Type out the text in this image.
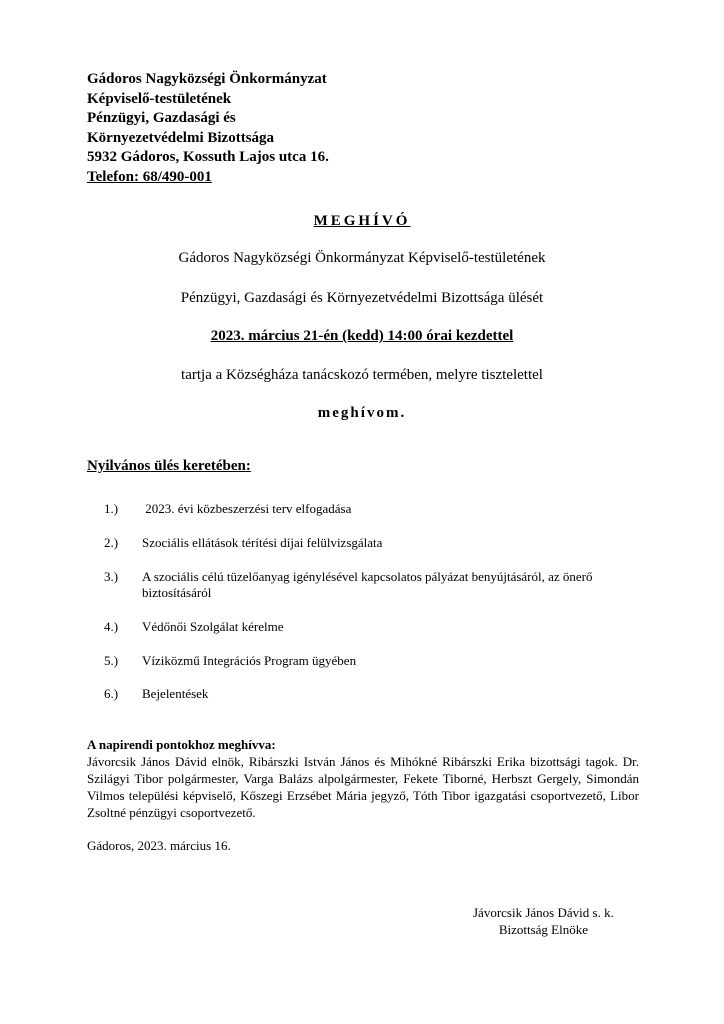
Gádoros Nagyközségi Önkormányzat
Képviselő-testületének
Pénzügyi, Gazdasági és
Környezetvédelmi Bizottsága
5932 Gádoros, Kossuth Lajos utca 16.
Telefon: 68/490-001
MEGHÍVÓ
Gádoros Nagyközségi Önkormányzat Képviselő-testületének
Pénzügyi, Gazdasági és Környezetvédelmi Bizottsága ülését
2023. március 21-én (kedd) 14:00 órai kezdettel
tartja a Községháza tanácskozó termében, melyre tisztelettel
meghívom.
Nyilvános ülés keretében:
1.) 2023. évi közbeszerzési terv elfogadása
2.) Szociális ellátások térítési díjai felülvizsgálata
3.) A szociális célú tüzelőanyag igénylésével kapcsolatos pályázat benyújtásáról, az önerő biztosításáról
4.) Védőnői Szolgálat kérelme
5.) Víziközmű Integrációs Program ügyében
6.) Bejelentések
A napirendi pontokhoz meghívva:
Jávorcsik János Dávid elnök, Ribárszki István János és Mihókné Ribárszki Erika bizottsági tagok. Dr. Szilágyi Tibor polgármester, Varga Balázs alpolgármester, Fekete Tiborné, Herbszt Gergely, Simondán Vilmos települési képviselő, Kőszegi Erzsébet Mária jegyző, Tóth Tibor igazgatási csoportvezető, Libor Zsoltné pénzügyi csoportvezető.
Gádoros, 2023. március 16.
Jávorcsik János Dávid s. k.
Bizottság Elnöke
